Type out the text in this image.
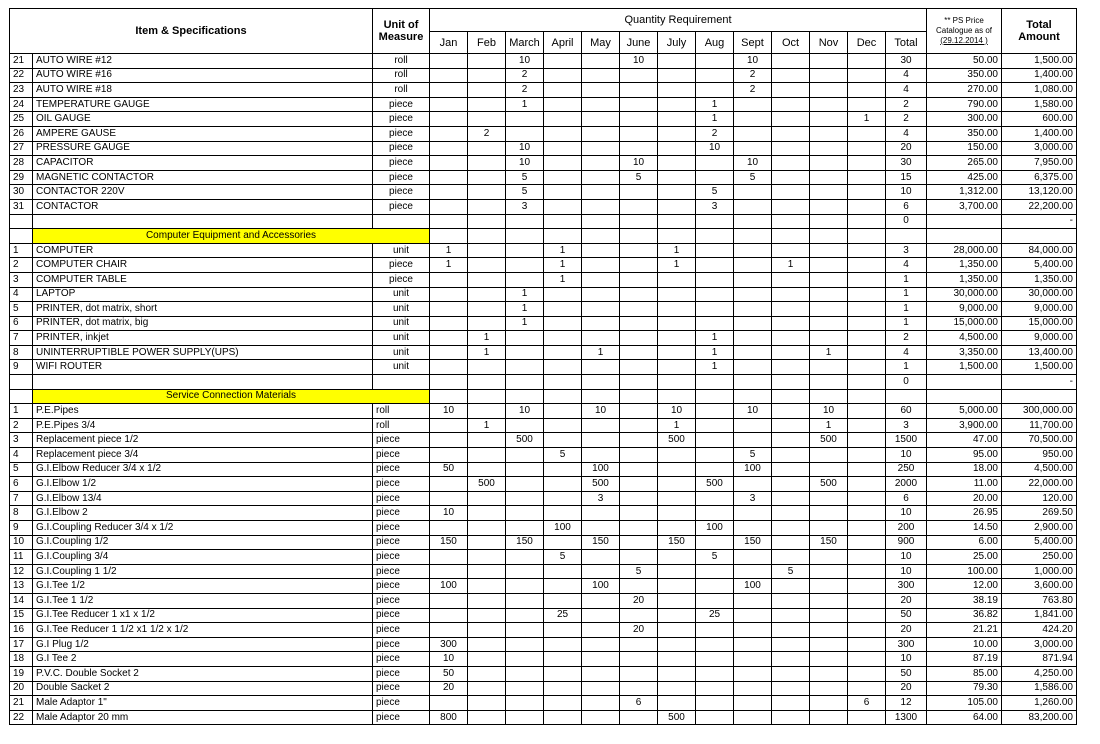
Item & Specifications		Unit of
Measure	Quantity Requirement													** PS Price
Catalogue as of
(29.12.2014 )	Total
Amount
			Jan	Feb	March	April	May	June	July	Aug	Sept	Oct	Nov	Dec	Total		
21	AUTO WIRE #12	roll			10			10			10				30	50.00	1,500.00
22	AUTO WIRE #16	roll			2						2				4	350.00	1,400.00
23	AUTO WIRE #18	roll			2						2				4	270.00	1,080.00
24	TEMPERATURE GAUGE	piece			1					1					2	790.00	1,580.00
25	OIL GAUGE	piece								1				1	2	300.00	600.00
26	AMPERE GAUSE	piece		2						2					4	350.00	1,400.00
27	PRESSURE GAUGE	piece			10					10					20	150.00	3,000.00
28	CAPACITOR	piece			10			10			10				30	265.00	7,950.00
29	MAGNETIC CONTACTOR	piece			5			5			5				15	425.00	6,375.00
30	CONTACTOR 220V	piece			5					5					10	1,312.00	13,120.00
31	CONTACTOR	piece			3					3					6	3,700.00	22,200.00
															0		-
	Computer Equipment and Accessories																
1	COMPUTER	unit	1			1			1						3	28,000.00	84,000.00
2	COMPUTER CHAIR	piece	1			1			1			1			4	1,350.00	5,400.00
3	COMPUTER TABLE	piece				1									1	1,350.00	1,350.00
4	LAPTOP	unit			1										1	30,000.00	30,000.00
5	PRINTER, dot matrix, short	unit			1										1	9,000.00	9,000.00
6	PRINTER, dot matrix, big	unit			1										1	15,000.00	15,000.00
7	PRINTER, inkjet	unit		1						1					2	4,500.00	9,000.00
8	UNINTERRUPTIBLE POWER SUPPLY(UPS)	unit		1			1			1			1		4	3,350.00	13,400.00
9	WIFI ROUTER	unit								1					1	1,500.00	1,500.00
															0		-
	Service Connection Materials																
1	P.E.Pipes	roll	10		10		10		10		10		10		60	5,000.00	300,000.00
2	P.E.Pipes 3/4	roll		1					1				1		3	3,900.00	11,700.00
3	Replacement piece 1/2	piece			500				500				500		1500	47.00	70,500.00
4	Replacement piece 3/4	piece				5					5				10	95.00	950.00
5	G.I.Elbow Reducer 3/4 x 1/2	piece	50				100				100				250	18.00	4,500.00
6	G.I.Elbow 1/2	piece		500			500			500			500		2000	11.00	22,000.00
7	G.I.Elbow 13/4	piece					3				3				6	20.00	120.00
8	G.I.Elbow 2	piece	10												10	26.95	269.50
9	G.I.Coupling Reducer 3/4 x 1/2	piece				100				100					200	14.50	2,900.00
10	G.I.Coupling 1/2	piece	150		150		150		150		150		150		900	6.00	5,400.00
11	G.I.Coupling 3/4	piece				5				5					10	25.00	250.00
12	G.I.Coupling 1 1/2	piece						5				5			10	100.00	1,000.00
13	G.I.Tee 1/2	piece	100				100				100				300	12.00	3,600.00
14	G.I.Tee 1 1/2	piece						20							20	38.19	763.80
15	G.I.Tee Reducer 1 x1 x 1/2	piece				25				25					50	36.82	1,841.00
16	G.I.Tee Reducer 1 1/2 x1 1/2 x 1/2	piece						20							20	21.21	424.20
17	G.I Plug 1/2	piece	300												300	10.00	3,000.00
18	G.I Tee 2	piece	10												10	87.19	871.94
19	P.V.C. Double Socket 2	piece	50												50	85.00	4,250.00
20	Double Sacket 2	piece	20												20	79.30	1,586.00
21	Male Adaptor 1"	piece						6						6	12	105.00	1,260.00
22	Male Adaptor 20 mm	piece	800						500						1300	64.00	83,200.00
